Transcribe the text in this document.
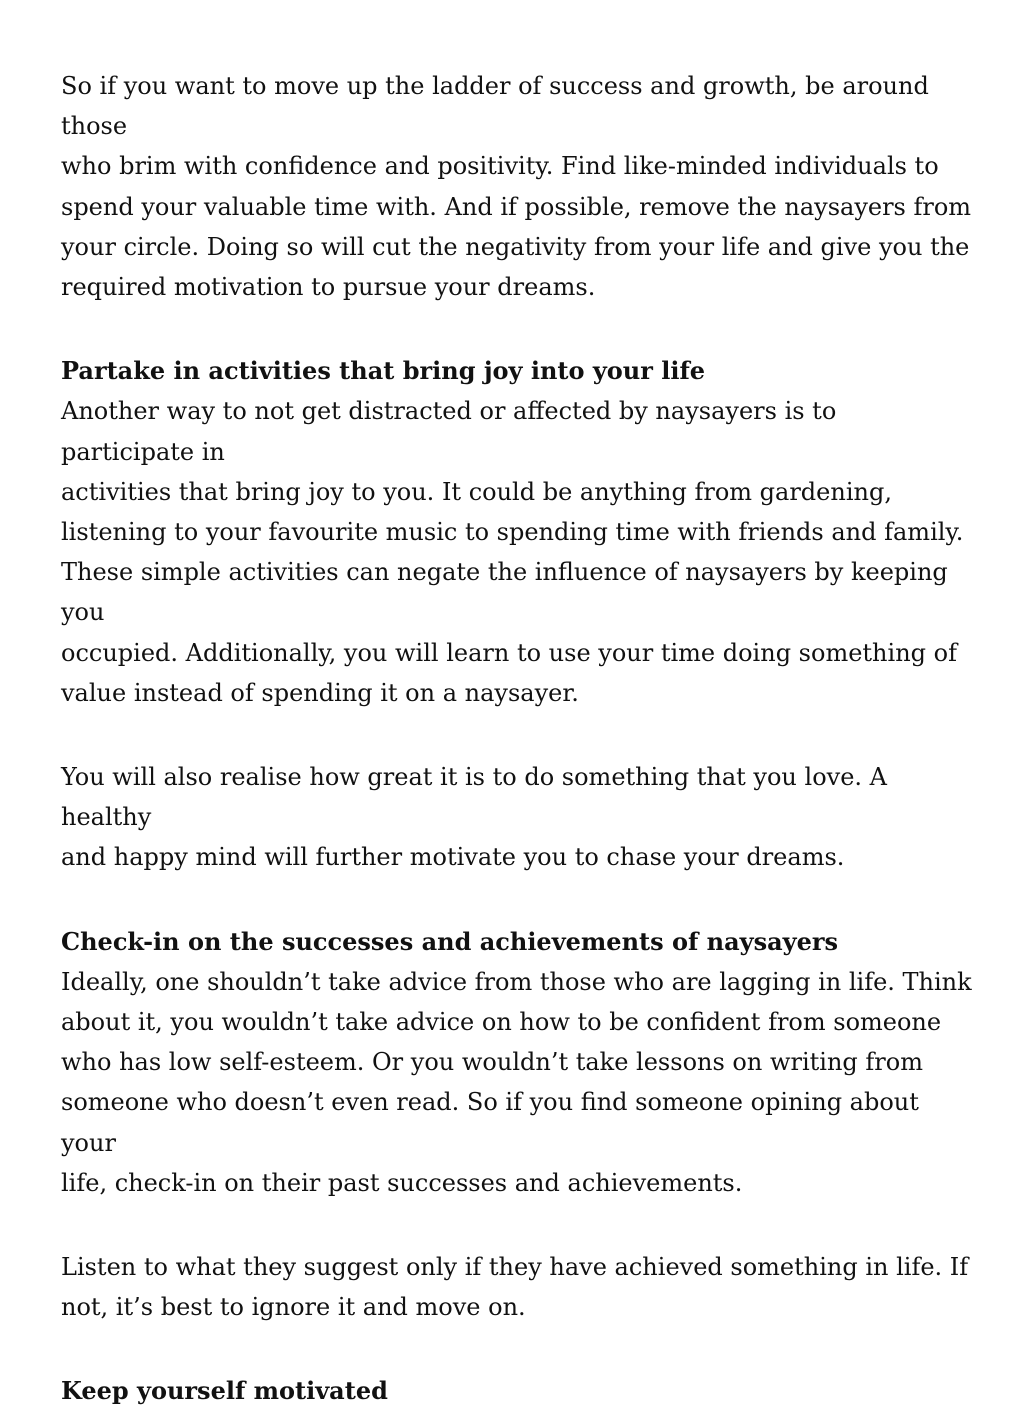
So if you want to move up the ladder of success and growth, be around those
who brim with confidence and positivity. Find like-minded individuals to
spend your valuable time with. And if possible, remove the naysayers from
your circle. Doing so will cut the negativity from your life and give you the
required motivation to pursue your dreams.

Partake in activities that bring joy into your life

Another way to not get distracted or affected by naysayers is to participate in
activities that bring joy to you. It could be anything from gardening,
listening to your favourite music to spending time with friends and family.
These simple activities can negate the influence of naysayers by keeping you
occupied. Additionally, you will learn to use your time doing something of
value instead of spending it on a naysayer.

You will also realise how great it is to do something that you love. A healthy
and happy mind will further motivate you to chase your dreams.

Check-in on the successes and achievements of naysayers

Ideally, one shouldn’t take advice from those who are lagging in life. Think
about it, you wouldn’t take advice on how to be confident from someone
who has low self-esteem. Or you wouldn’t take lessons on writing from
someone who doesn’t even read. So if you find someone opining about your
life, check-in on their past successes and achievements.

Listen to what they suggest only if they have achieved something in life. If
not, it’s best to ignore it and move on.

Keep yourself motivated
